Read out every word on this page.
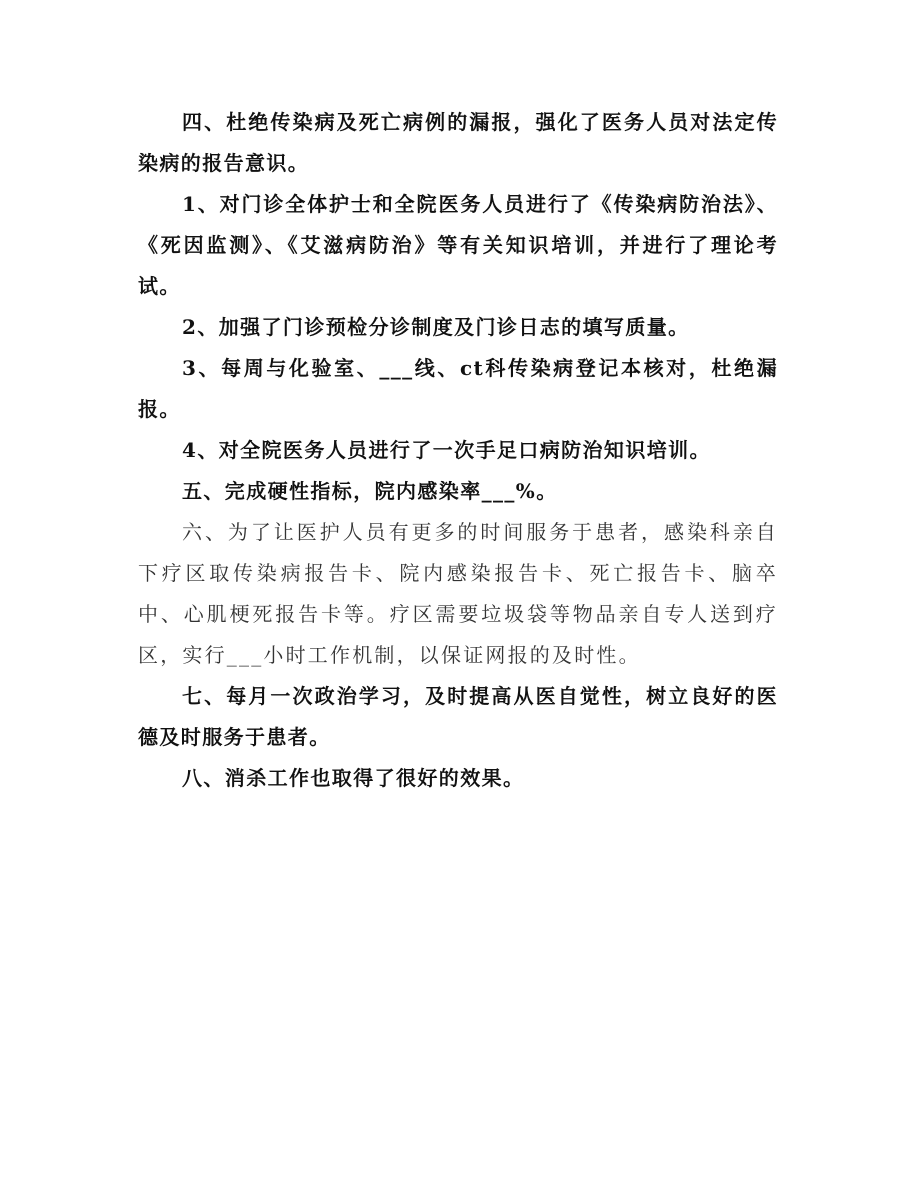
四、杜绝传染病及死亡病例的漏报，强化了医务人员对法定传染病的报告意识。

1、对门诊全体护士和全院医务人员进行了《传染病防治法》、《死因监测》、《艾滋病防治》等有关知识培训，并进行了理论考试。

2、加强了门诊预检分诊制度及门诊日志的填写质量。

3、每周与化验室、___线、ct科传染病登记本核对，杜绝漏报。

4、对全院医务人员进行了一次手足口病防治知识培训。

五、完成硬性指标，院内感染率___%。

六、为了让医护人员有更多的时间服务于患者，感染科亲自下疗区取传染病报告卡、院内感染报告卡、死亡报告卡、脑卒中、心肌梗死报告卡等。疗区需要垃圾袋等物品亲自专人送到疗区，实行___小时工作机制，以保证网报的及时性。

七、每月一次政治学习，及时提高从医自觉性，树立良好的医德及时服务于患者。

八、消杀工作也取得了很好的效果。
